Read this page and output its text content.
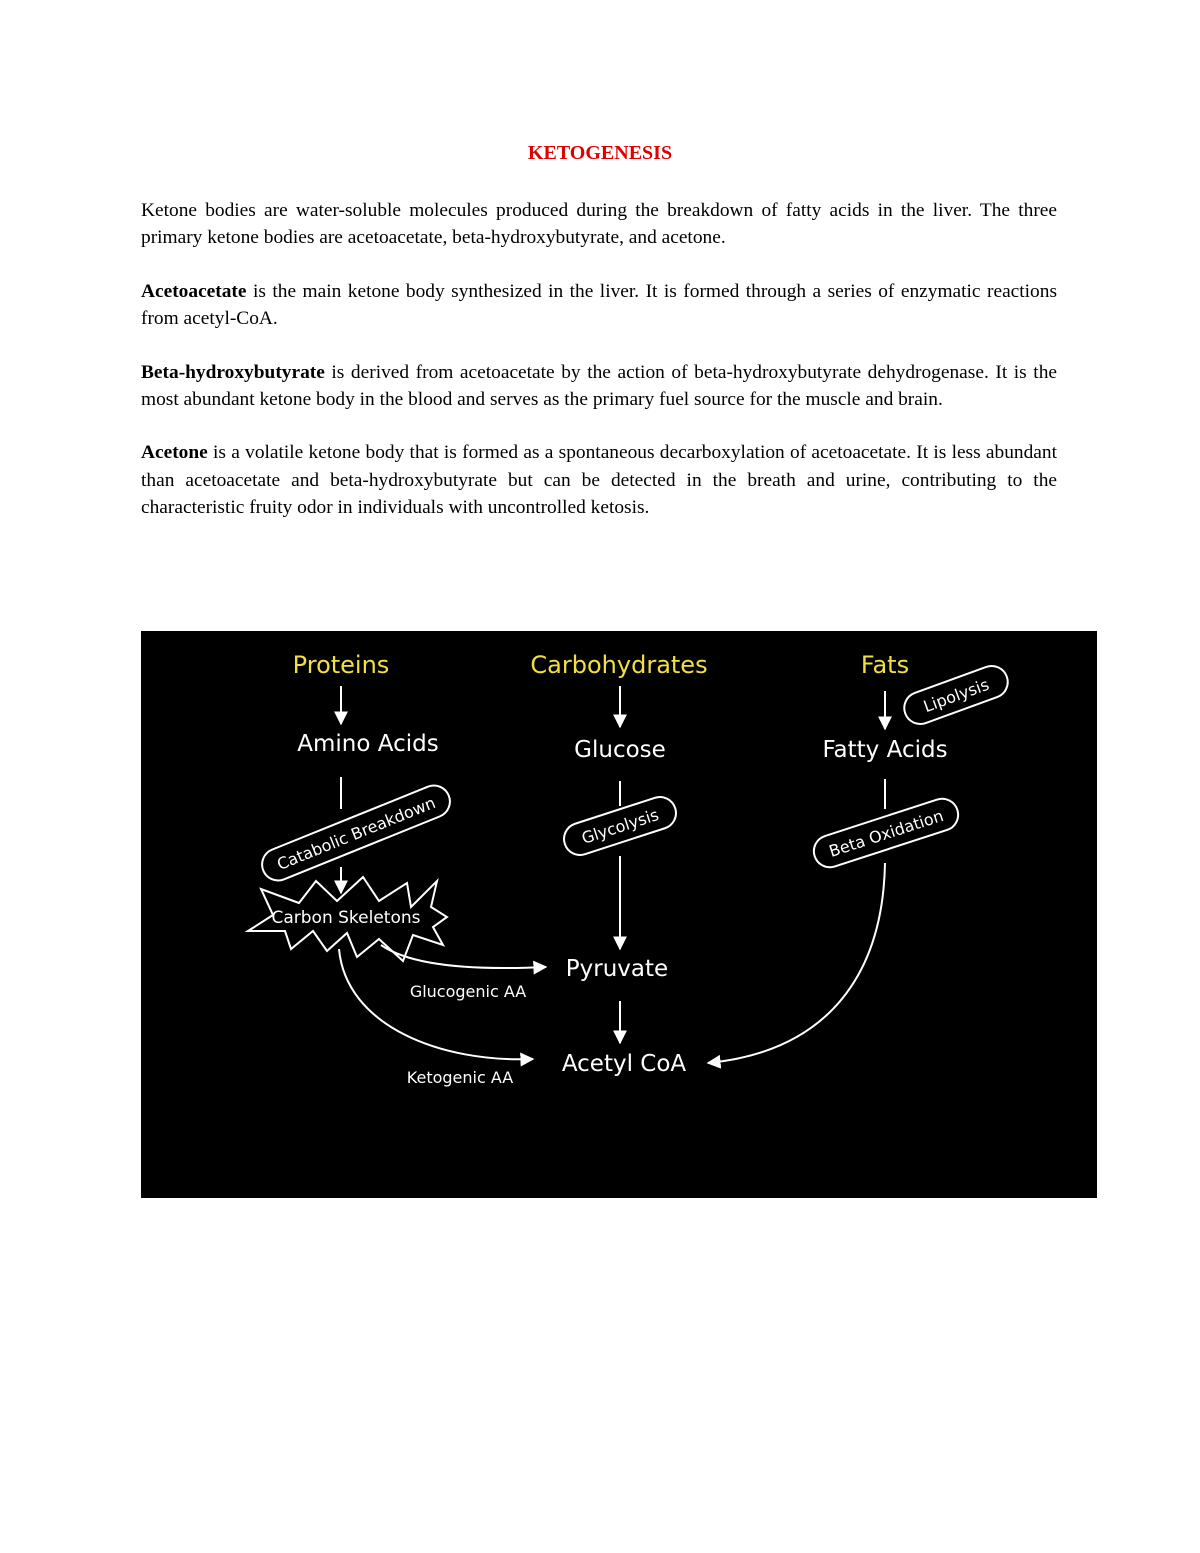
KETOGENESIS

Ketone bodies are water-soluble molecules produced during the breakdown of fatty acids in the liver. The three primary ketone bodies are acetoacetate, beta-hydroxybutyrate, and acetone.

Acetoacetate is the main ketone body synthesized in the liver. It is formed through a series of enzymatic reactions from acetyl-CoA.

Beta-hydroxybutyrate is derived from acetoacetate by the action of beta-hydroxybutyrate dehydrogenase. It is the most abundant ketone body in the blood and serves as the primary fuel source for the muscle and brain.

Acetone is a volatile ketone body that is formed as a spontaneous decarboxylation of acetoacetate. It is less abundant than acetoacetate and beta-hydroxybutyrate but can be detected in the breath and urine, contributing to the characteristic fruity odor in individuals with uncontrolled ketosis.

Proteins	Carbohydrates	Fats
Lipolysis
Amino Acids	Glucose	Fatty Acids
Catabolic Breakdown	Glycolysis	Beta Oxidation
Carbon Skeletons
Glucogenic AA
Pyruvate
Ketogenic AA
Acetyl CoA
